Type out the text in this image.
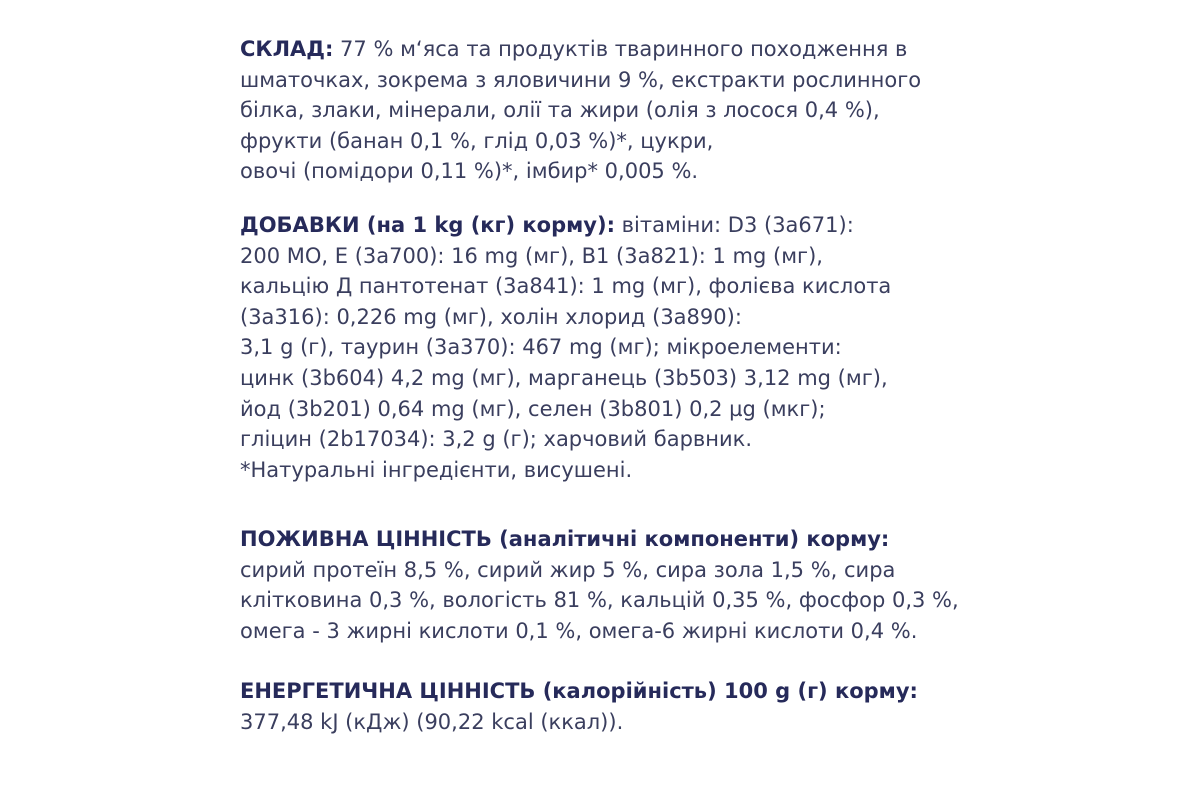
СКЛАД: 77 % м‘яса та продуктів тваринного походження в
шматочках, зокрема з яловичини 9 %, екстракти рослинного
білка, злаки, мінерали, олії та жири (олія з лосося 0,4 %),
фрукти (банан 0,1 %, глід 0,03 %)*, цукри,
овочі (помідори 0,11 %)*, імбир* 0,005 %.
ДОБАВКИ (на 1 kg (кг) корму): вітаміни: D3 (3a671):
200 МО, E (3a700): 16 mg (мг), B1 (3a821): 1 mg (мг),
кальцію Д пантотенат (3a841): 1 mg (мг), фолієва кислота
(3a316): 0,226 mg (мг), холін хлорид (3a890):
3,1 g (г), таурин (3a370): 467 mg (мг); мікроелементи:
цинк (3b604) 4,2 mg (мг), марганець (3b503) 3,12 mg (мг),
йод (3b201) 0,64 mg (мг), селен (3b801) 0,2 µg (мкг);
гліцин (2b17034): 3,2 g (г); харчовий барвник.
*Натуральні інгредієнти, висушені.
ПОЖИВНА ЦІННІСТЬ (аналітичні компоненти) корму:
сирий протеїн 8,5 %, сирий жир 5 %, сира зола 1,5 %, сира
клітковина 0,3 %, вологість 81 %, кальцій 0,35 %, фосфор 0,3 %,
омега - 3 жирні кислоти 0,1 %, омега-6 жирні кислоти 0,4 %.
ЕНЕРГЕТИЧНА ЦІННІСТЬ (калорійність) 100 g (г) корму:
377,48 kJ (кДж) (90,22 kcal (ккал)).
